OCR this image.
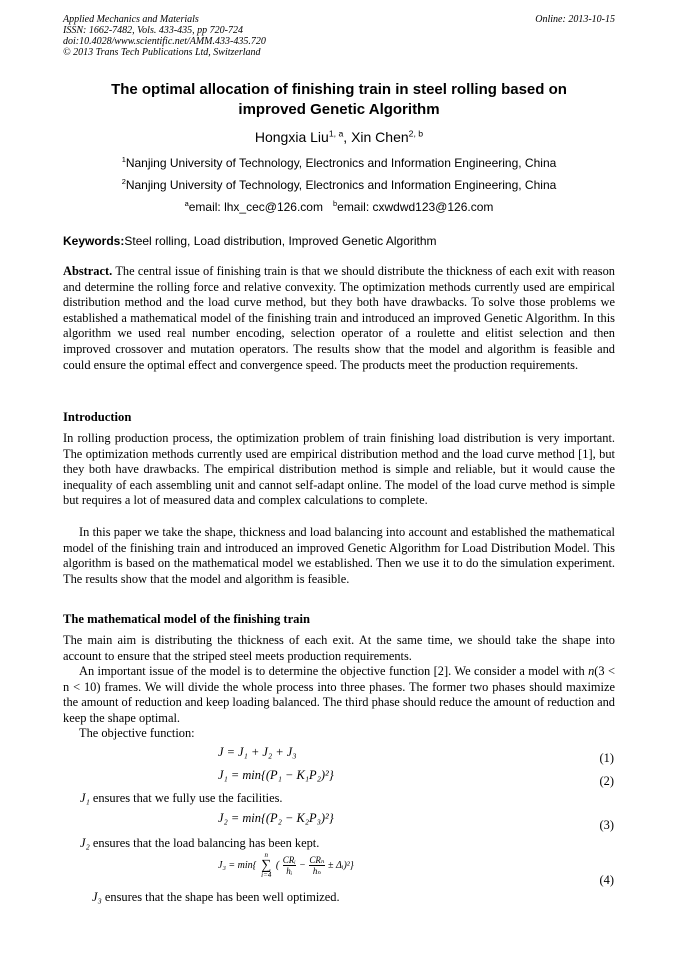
Applied Mechanics and Materials
ISSN: 1662-7482, Vols. 433-435, pp 720-724
doi:10.4028/www.scientific.net/AMM.433-435.720
© 2013 Trans Tech Publications Ltd, Switzerland
Online: 2013-10-15
The optimal allocation of finishing train in steel rolling based on
improved Genetic Algorithm
Hongxia Liu$^{1, a}$, Xin Chen$^{2, b}$
$^1$Nanjing University of Technology, Electronics and Information Engineering, China
$^2$Nanjing University of Technology, Electronics and Information Engineering, China
$^a$email: lhx_cec@126.com $^b$email: cxwdwd123@126.com
Keywords:Steel rolling, Load distribution, Improved Genetic Algorithm

Abstract. The central issue of finishing train is that we should distribute the thickness of each exit with reason and determine the rolling force and relative convexity. The optimization methods currently used are empirical distribution method and the load curve method, but they both have drawbacks. To solve those problems we established a mathematical model of the finishing train and introduced an improved Genetic Algorithm. In this algorithm we used real number encoding, selection operator of a roulette and elitist selection and then improved crossover and mutation operators. The results show that the model and algorithm is feasible and could ensure the optimal effect and convergence speed. The products meet the production requirements.

Introduction

In rolling production process, the optimization problem of train finishing load distribution is very important. The optimization methods currently used are empirical distribution method and the load curve method [1], but they both have drawbacks. The empirical distribution method is simple and reliable, but it would cause the inequality of each assembling unit and cannot self-adapt online. The model of the load curve method is simple but requires a lot of measured data and complex calculations to complete.

In this paper we take the shape, thickness and load balancing into account and established the mathematical model of the finishing train and introduced an improved Genetic Algorithm for Load Distribution Model. This algorithm is based on the mathematical model we established. Then we use it to do the simulation experiment. The results show that the model and algorithm is feasible.

The mathematical model of the finishing train

The main aim is distributing the thickness of each exit. At the same time, we should take the shape into account to ensure that the striped steel meets production requirements.

An important issue of the model is to determine the objective function [2]. We consider a model with n(3 < n < 10) frames. We will divide the whole process into three phases. The former two phases should maximize the amount of reduction and keep loading balanced. The third phase should reduce the amount of reduction and keep the shape optimal.

The objective function:

J = J₁ + J₂ + J₃	(1)
J₁ = min{(P₁ − K₁P₂)²}	(2)
J₁ ensures that we fully use the facilities.
J₂ = min{(P₂ − K₂P₃)²}	(3)
J₂ ensures that the load balancing has been kept.
J₃ = min{ n
∑
i=4 ( $\frac{\text{CRᵢ}}{\text{hᵢ}} - \frac{\text{CRₙ}}{\text{hₙ}}$ ± Δᵢ)²}
(4)
J₃ ensures that the shape has been well optimized.
